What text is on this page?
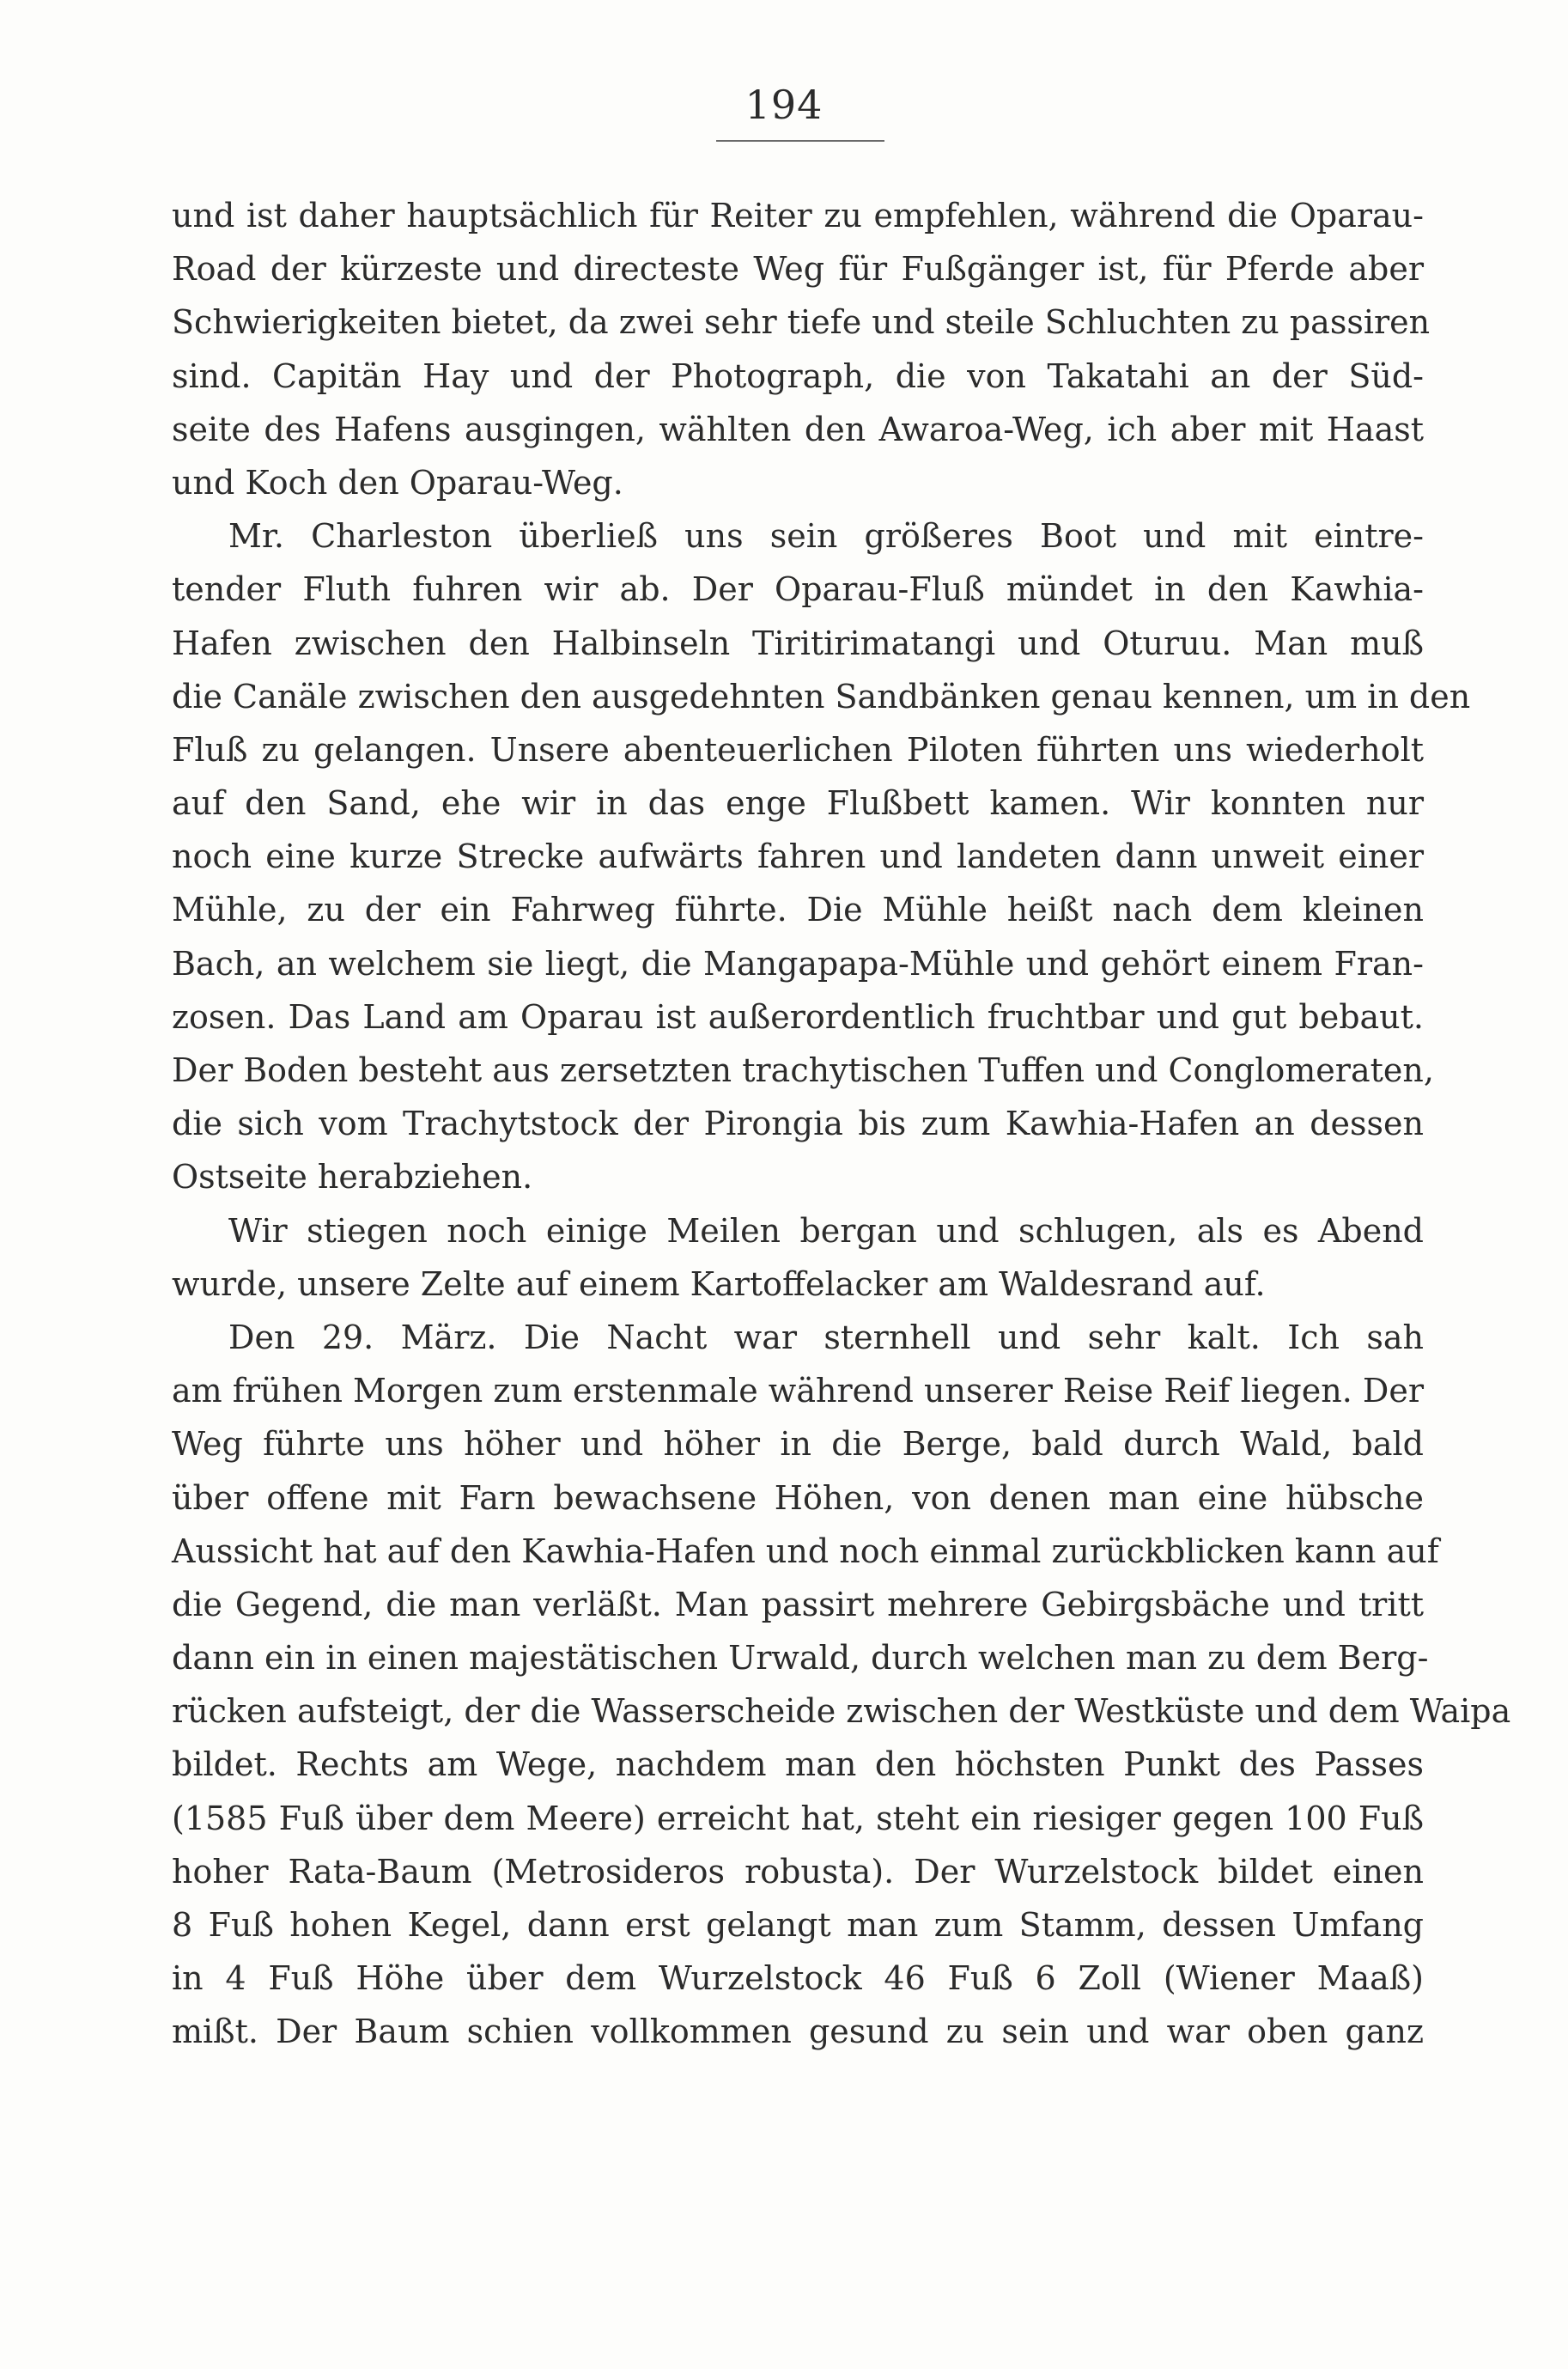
194
und ist daher hauptsächlich für Reiter zu empfehlen, während die Oparau-
Road der kürzeste und directeste Weg für Fußgänger ist, für Pferde aber
Schwierigkeiten bietet, da zwei sehr tiefe und steile Schluchten zu passiren
sind. Capitän Hay und der Photograph, die von Takatahi an der Süd-
seite des Hafens ausgingen, wählten den Awaroa-Weg, ich aber mit Haast
und Koch den Oparau-Weg.
Mr. Charleston überließ uns sein größeres Boot und mit eintre-
tender Fluth fuhren wir ab. Der Oparau-Fluß mündet in den Kawhia-
Hafen zwischen den Halbinseln Tiritirimatangi und Oturuu. Man muß
die Canäle zwischen den ausgedehnten Sandbänken genau kennen, um in den
Fluß zu gelangen. Unsere abenteuerlichen Piloten führten uns wiederholt
auf den Sand, ehe wir in das enge Flußbett kamen. Wir konnten nur
noch eine kurze Strecke aufwärts fahren und landeten dann unweit einer
Mühle, zu der ein Fahrweg führte. Die Mühle heißt nach dem kleinen
Bach, an welchem sie liegt, die Mangapapa-Mühle und gehört einem Fran-
zosen. Das Land am Oparau ist außerordentlich fruchtbar und gut bebaut.
Der Boden besteht aus zersetzten trachytischen Tuffen und Conglomeraten,
die sich vom Trachytstock der Pirongia bis zum Kawhia-Hafen an dessen
Ostseite herabziehen.
Wir stiegen noch einige Meilen bergan und schlugen, als es Abend
wurde, unsere Zelte auf einem Kartoffelacker am Waldesrand auf.
Den 29. März. Die Nacht war sternhell und sehr kalt. Ich sah
am frühen Morgen zum erstenmale während unserer Reise Reif liegen. Der
Weg führte uns höher und höher in die Berge, bald durch Wald, bald
über offene mit Farn bewachsene Höhen, von denen man eine hübsche
Aussicht hat auf den Kawhia-Hafen und noch einmal zurückblicken kann auf
die Gegend, die man verläßt. Man passirt mehrere Gebirgsbäche und tritt
dann ein in einen majestätischen Urwald, durch welchen man zu dem Berg-
rücken aufsteigt, der die Wasserscheide zwischen der Westküste und dem Waipa
bildet. Rechts am Wege, nachdem man den höchsten Punkt des Passes
(1585 Fuß über dem Meere) erreicht hat, steht ein riesiger gegen 100 Fuß
hoher Rata-Baum (Metrosideros robusta). Der Wurzelstock bildet einen
8 Fuß hohen Kegel, dann erst gelangt man zum Stamm, dessen Umfang
in 4 Fuß Höhe über dem Wurzelstock 46 Fuß 6 Zoll (Wiener Maaß)
mißt. Der Baum schien vollkommen gesund zu sein und war oben ganz
